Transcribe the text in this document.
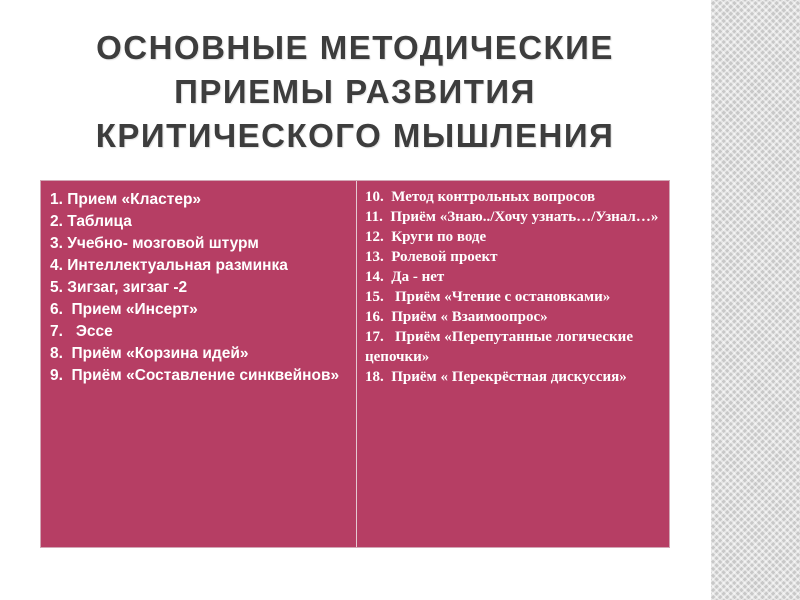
ОСНОВНЫЕ МЕТОДИЧЕСКИЕ
ПРИЕМЫ РАЗВИТИЯ
КРИТИЧЕСКОГО МЫШЛЕНИЯ
1. Прием «Кластер»
2. Таблица
3. Учебно- мозговой штурм
4. Интеллектуальная разминка
5. Зигзаг, зигзаг -2
6.  Прием «Инсерт»
7.   Эссе
8.  Приём «Корзина идей»
9.  Приём «Составление синквейнов»
10.  Метод контрольных вопросов
11.  Приём «Знаю../Хочу узнать…/Узнал…»
12.  Круги по воде
13.  Ролевой проект
14.  Да - нет
15.   Приём «Чтение с остановками»
16.  Приём « Взаимоопрос»
17.   Приём «Перепутанные логические цепочки»
18.  Приём « Перекрёстная дискуссия»
